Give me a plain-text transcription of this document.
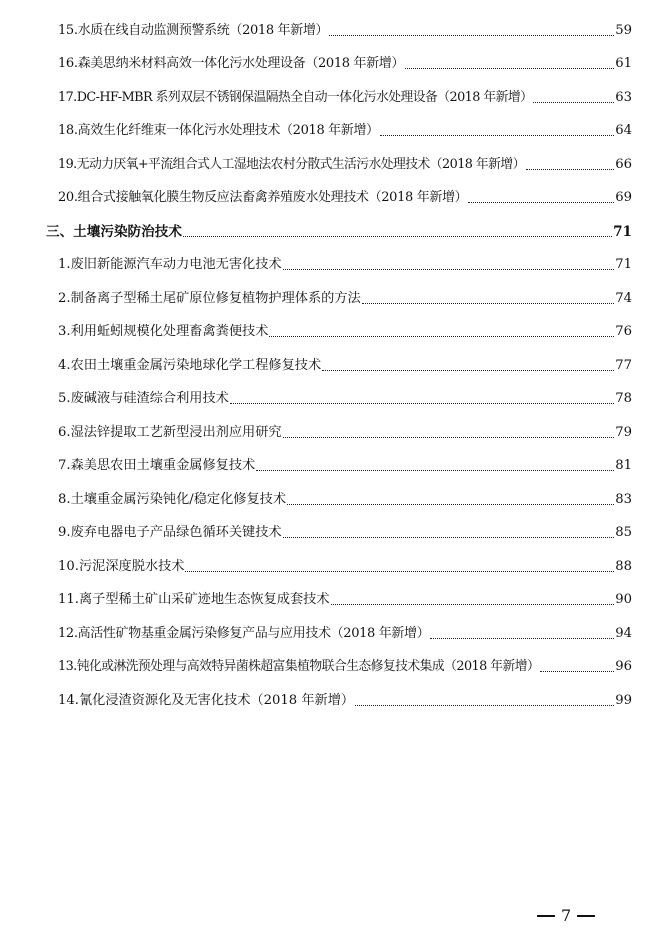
15.水质在线自动监测预警系统（2018 年新增）	59
16.森美思纳米材料高效一体化污水处理设备（2018 年新增）	61
17.DC-HF-MBR 系列双层不锈钢保温隔热全自动一体化污水处理设备（2018 年新增）	63
18.高效生化纤维束一体化污水处理技术（2018 年新增）	64
19.无动力厌氧+平流组合式人工湿地法农村分散式生活污水处理技术（2018 年新增）	66
20.组合式接触氧化膜生物反应法畜禽养殖废水处理技术（2018 年新增）	69
三、土壤污染防治技术	71
1.废旧新能源汽车动力电池无害化技术	71
2.制备离子型稀土尾矿原位修复植物护理体系的方法	74
3.利用蚯蚓规模化处理畜禽粪便技术	76
4.农田土壤重金属污染地球化学工程修复技术	77
5.废碱液与硅渣综合利用技术	78
6.湿法锌提取工艺新型浸出剂应用研究	79
7.森美思农田土壤重金属修复技术	81
8.土壤重金属污染钝化/稳定化修复技术	83
9.废弃电器电子产品绿色循环关键技术	85
10.污泥深度脱水技术	88
11.离子型稀土矿山采矿迹地生态恢复成套技术	90
12.高活性矿物基重金属污染修复产品与应用技术（2018 年新增）	94
13.钝化或淋洗预处理与高效特异菌株超富集植物联合生态修复技术集成（2018 年新增）	96
14.氰化浸渣资源化及无害化技术（2018 年新增）	99
7
